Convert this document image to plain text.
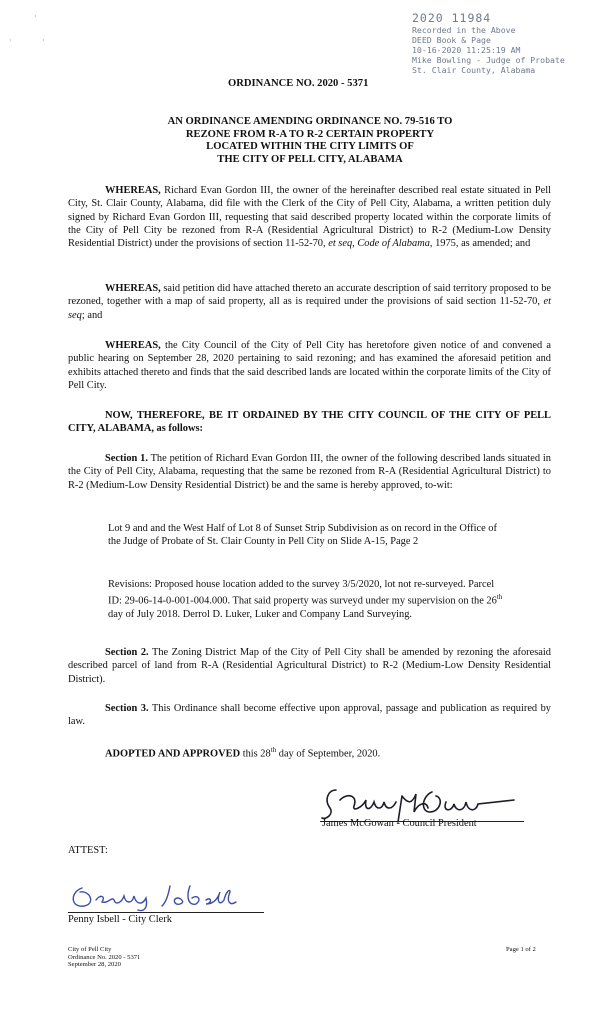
·
·	·
2020 11984
Recorded in the Above
DEED Book & Page
10-16-2020 11:25:19 AM
Mike Bowling - Judge of Probate
St. Clair County, Alabama
ORDINANCE NO. 2020 - 5371
AN ORDINANCE AMENDING ORDINANCE NO. 79-516 TO
REZONE FROM R-A TO R-2 CERTAIN PROPERTY
LOCATED WITHIN THE CITY LIMITS OF
THE CITY OF PELL CITY, ALABAMA
WHEREAS, Richard Evan Gordon III, the owner of the hereinafter described real estate situated in Pell City, St. Clair County, Alabama, did file with the Clerk of the City of Pell City, Alabama, a written petition duly signed by Richard Evan Gordon III, requesting that said described property located within the corporate limits of the City of Pell City be rezoned from R-A (Residential Agricultural District) to R-2 (Medium-Low Density Residential District) under the provisions of section 11-52-70, et seq, Code of Alabama, 1975, as amended; and
WHEREAS, said petition did have attached thereto an accurate description of said territory proposed to be rezoned, together with a map of said property, all as is required under the provisions of said section 11-52-70, et seq; and
WHEREAS, the City Council of the City of Pell City has heretofore given notice of and convened a public hearing on September 28, 2020 pertaining to said rezoning; and has examined the aforesaid petition and exhibits attached thereto and finds that the said described lands are located within the corporate limits of the City of Pell City.
NOW, THEREFORE, BE IT ORDAINED BY THE CITY COUNCIL OF THE CITY OF PELL CITY, ALABAMA, as follows:
Section 1. The petition of Richard Evan Gordon III, the owner of the following described lands situated in the City of Pell City, Alabama, requesting that the same be rezoned from R-A (Residential Agricultural District) to R-2 (Medium-Low Density Residential District) be and the same is hereby approved, to-wit:
Lot 9 and and the West Half of Lot 8 of Sunset Strip Subdivision as on record in the Office of the Judge of Probate of St. Clair County in Pell City on Slide A-15, Page 2
Revisions: Proposed house location added to the survey 3/5/2020, lot not re-surveyed. Parcel ID: 29-06-14-0-001-004.000. That said property was surveyd under my supervision on the 26th day of July 2018. Derrol D. Luker, Luker and Company Land Surveying.
Section 2. The Zoning District Map of the City of Pell City shall be amended by rezoning the aforesaid described parcel of land from R-A (Residential Agricultural District) to R-2 (Medium-Low Density Residential District).
Section 3. This Ordinance shall become effective upon approval, passage and publication as required by law.
ADOPTED AND APPROVED this 28th day of September, 2020.
James McGowan - Council President
ATTEST:
Penny Isbell - City Clerk
City of Pell City
Ordinance No. 2020 - 5371
September 28, 2020
Page 1 of 2
